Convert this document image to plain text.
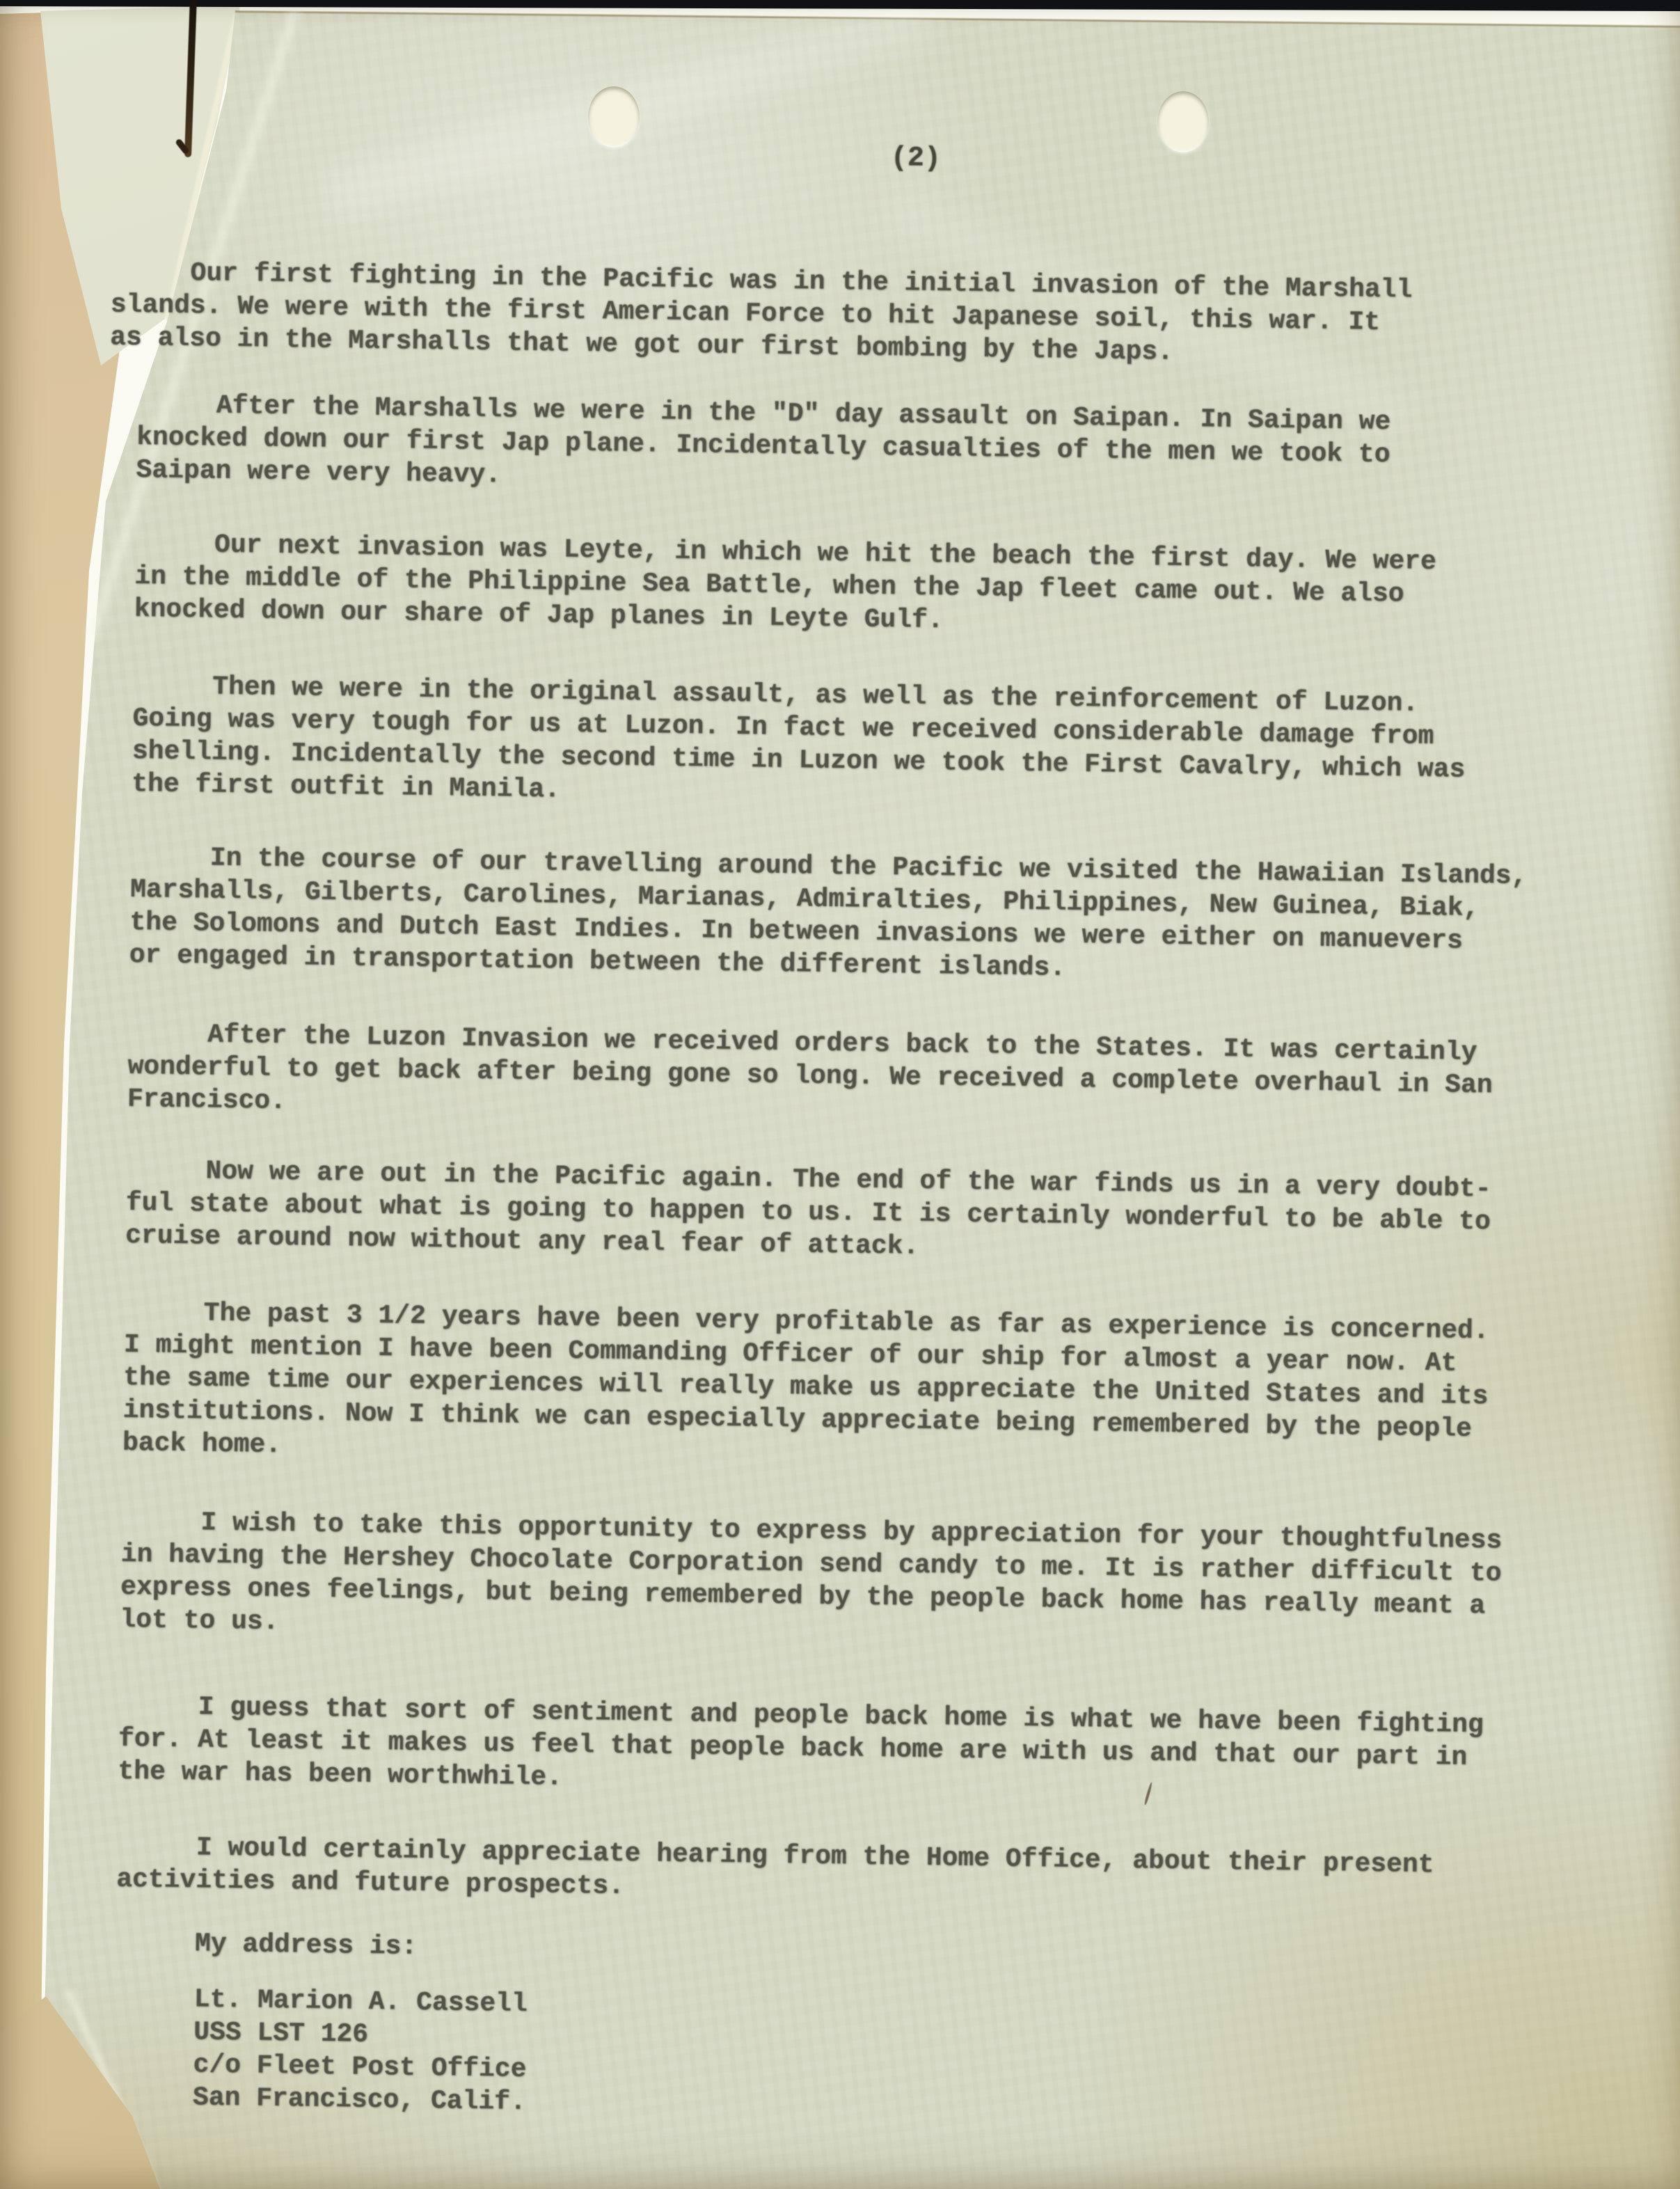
(2)
Our first fighting in the Pacific was in the initial invasion of the Marshall
slands. We were with the first American Force to hit Japanese soil, this war. It
as also in the Marshalls that we got our first bombing by the Japs.
After the Marshalls we were in the "D" day assault on Saipan. In Saipan we
knocked down our first Jap plane. Incidentally casualties of the men we took to
Saipan were very heavy.
Our next invasion was Leyte, in which we hit the beach the first day. We were
in the middle of the Philippine Sea Battle, when the Jap fleet came out. We also
knocked down our share of Jap planes in Leyte Gulf.
Then we were in the original assault, as well as the reinforcement of Luzon.
Going was very tough for us at Luzon. In fact we received considerable damage from
shelling. Incidentally the second time in Luzon we took the First Cavalry, which was
the first outfit in Manila.
In the course of our travelling around the Pacific we visited the Hawaiian Islands,
Marshalls, Gilberts, Carolines, Marianas, Admiralties, Philippines, New Guinea, Biak,
the Solomons and Dutch East Indies. In between invasions we were either on manuevers
or engaged in transportation between the different islands.
After the Luzon Invasion we received orders back to the States. It was certainly
wonderful to get back after being gone so long. We received a complete overhaul in San
Francisco.
Now we are out in the Pacific again. The end of the war finds us in a very doubt-
ful state about what is going to happen to us. It is certainly wonderful to be able to
cruise around now without any real fear of attack.
The past 3 1/2 years have been very profitable as far as experience is concerned.
I might mention I have been Commanding Officer of our ship for almost a year now. At
the same time our experiences will really make us appreciate the United States and its
institutions. Now I think we can especially appreciate being remembered by the people
back home.
I wish to take this opportunity to express by appreciation for your thoughtfulness
in having the Hershey Chocolate Corporation send candy to me. It is rather difficult to
express ones feelings, but being remembered by the people back home has really meant a
lot to us.
I guess that sort of sentiment and people back home is what we have been fighting
for. At least it makes us feel that people back home are with us and that our part in
the war has been worthwhile.
I would certainly appreciate hearing from the Home Office, about their present
activities and future prospects.
My address is:
Lt. Marion A. Cassell
USS LST 126
c/o Fleet Post Office
San Francisco, Calif.
